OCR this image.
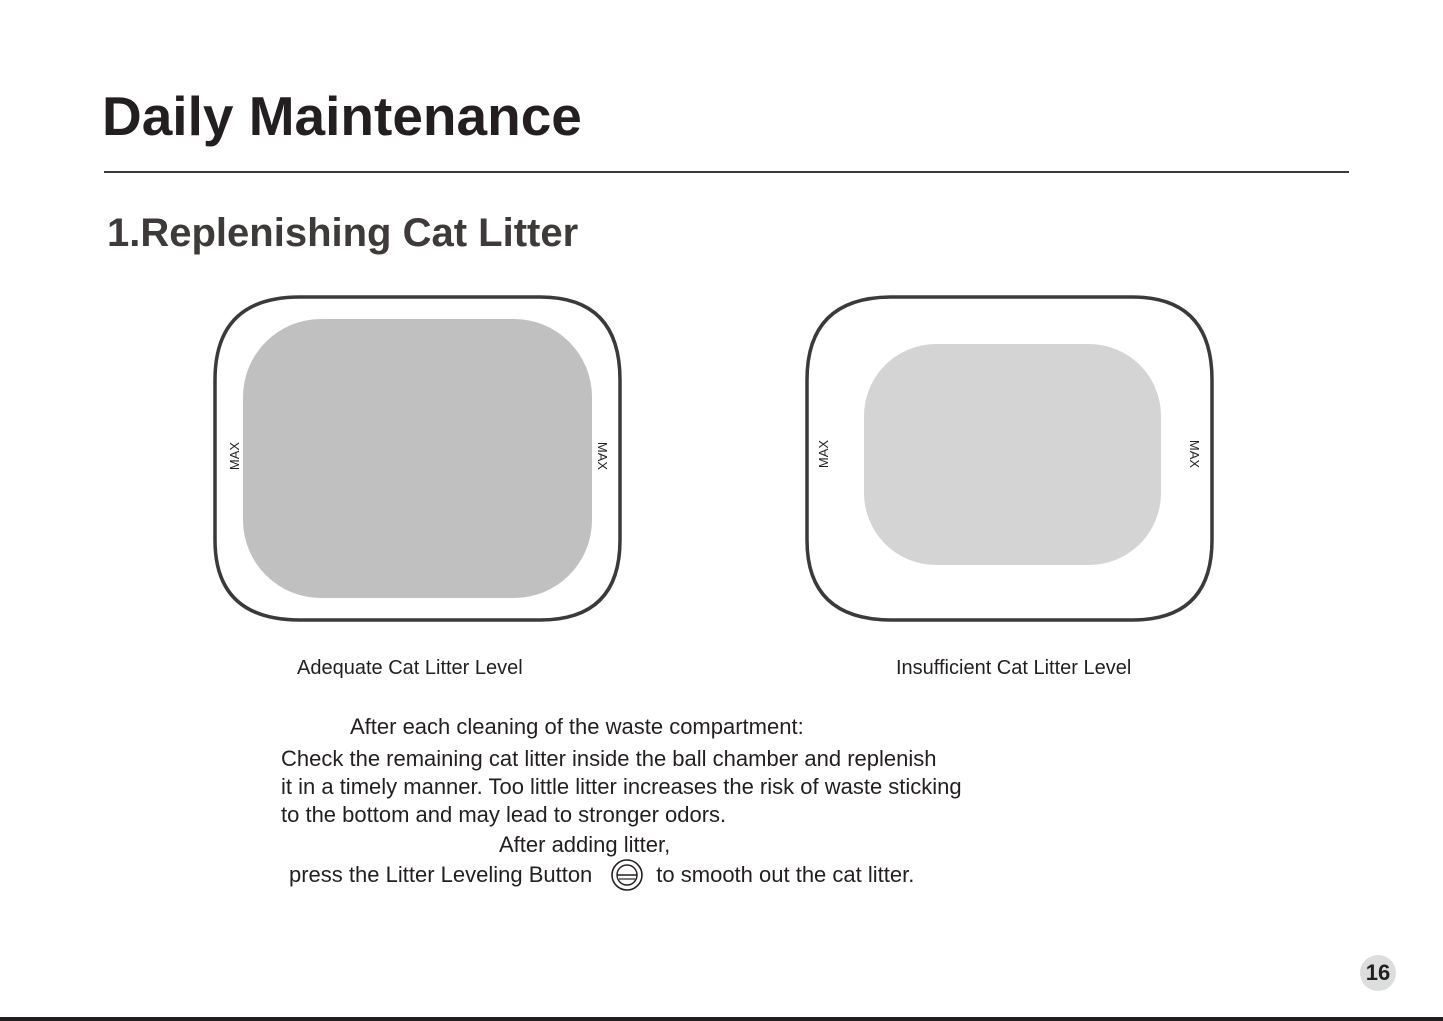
Daily Maintenance
1.Replenishing Cat Litter
MAX	MAX	MAX	MAX
Adequate Cat Litter Level	Insufficient Cat Litter Level
After each cleaning of the waste compartment:
Check the remaining cat litter inside the ball chamber and replenish
it in a timely manner. Too little litter increases the risk of waste sticking
to the bottom and may lead to stronger odors.
After adding litter,
press the Litter Leveling Button	to smooth out the cat litter.
16
